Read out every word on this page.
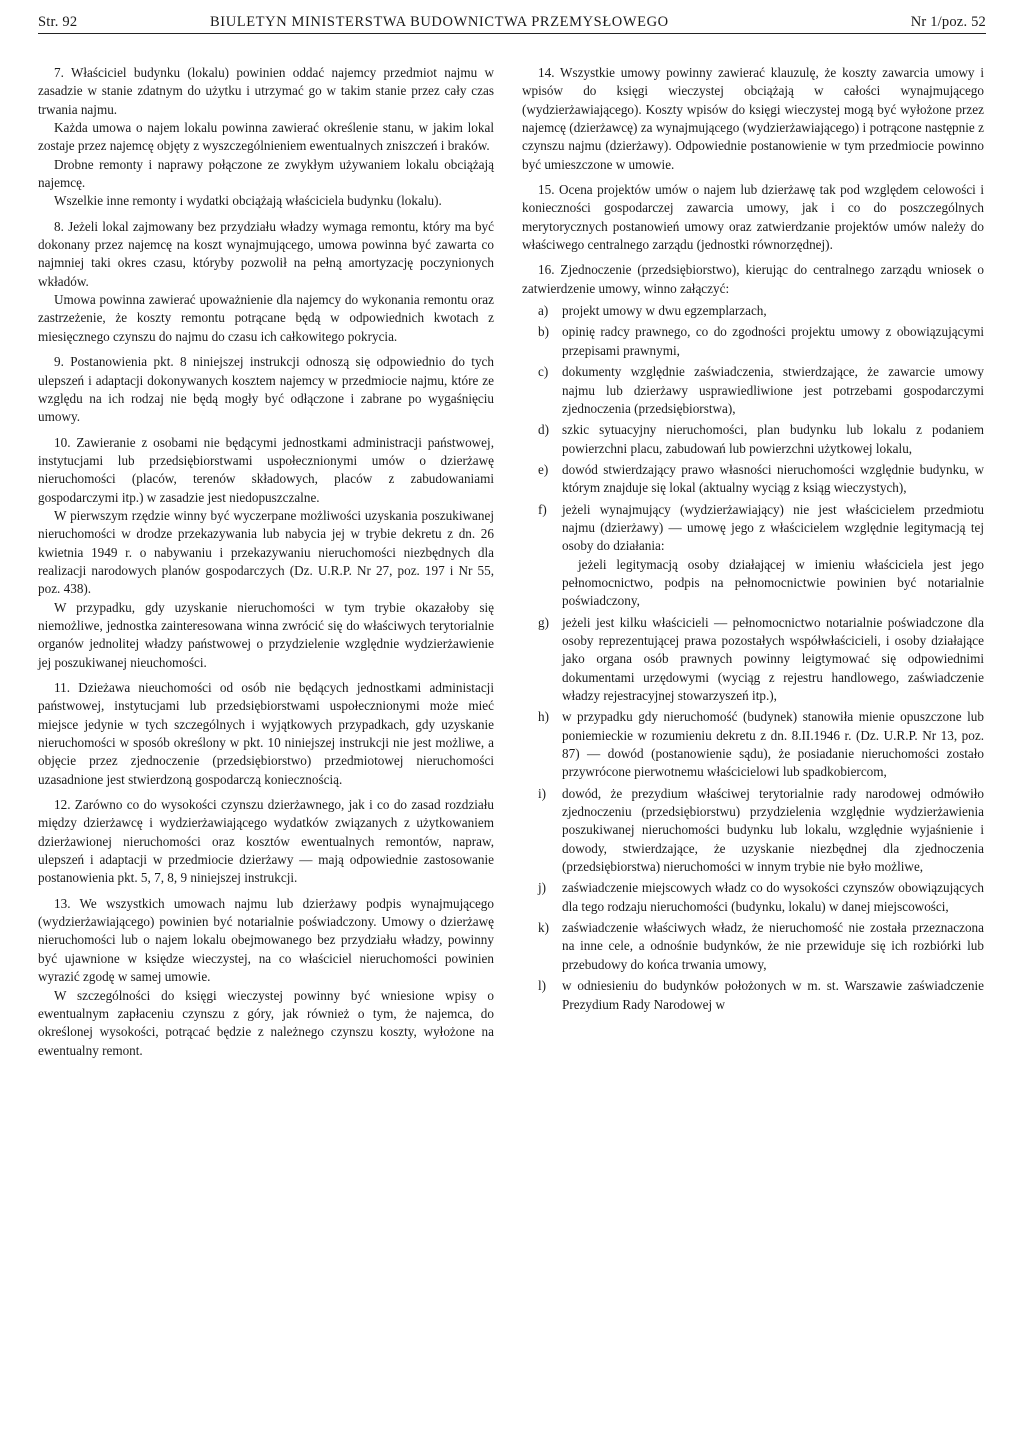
Str. 92	BIULETYN MINISTERSTWA BUDOWNICTWA PRZEMYSŁOWEGO	Nr 1/poz. 52

7. Właściciel budynku (lokalu) powinien oddać najemcy przedmiot najmu w zasadzie w stanie zdatnym do użytku i utrzymać go w takim stanie przez cały czas trwania najmu.

Każda umowa o najem lokalu powinna zawierać określenie stanu, w jakim lokal zostaje przez najemcę objęty z wyszczególnieniem ewentualnych zniszczeń i braków.

Drobne remonty i naprawy połączone ze zwykłym używaniem lokalu obciążają najemcę.

Wszelkie inne remonty i wydatki obciążają właściciela budynku (lokalu).

8. Jeżeli lokal zajmowany bez przydziału władzy wymaga remontu, który ma być dokonany przez najemcę na koszt wynajmującego, umowa powinna być zawarta co najmniej taki okres czasu, któryby pozwolił na pełną amortyzację poczynionych wkładów.

Umowa powinna zawierać upoważnienie dla najemcy do wykonania remontu oraz zastrzeżenie, że koszty remontu potrącane będą w odpowiednich kwotach z miesięcznego czynszu do najmu do czasu ich całkowitego pokrycia.

9. Postanowienia pkt. 8 niniejszej instrukcji odnoszą się odpowiednio do tych ulepszeń i adaptacji dokonywanych kosztem najemcy w przedmiocie najmu, które ze względu na ich rodzaj nie będą mogły być odłączone i zabrane po wygaśnięciu umowy.

10. Zawieranie z osobami nie będącymi jednostkami administracji państwowej, instytucjami lub przedsiębiorstwami uspołecznionymi umów o dzierżawę nieruchomości (placów, terenów składowych, placów z zabudowaniami gospodarczymi itp.) w zasadzie jest niedopuszczalne.

W pierwszym rzędzie winny być wyczerpane możliwości uzyskania poszukiwanej nieruchomości w drodze przekazywania lub nabycia jej w trybie dekretu z dn. 26 kwietnia 1949 r. o nabywaniu i przekazywaniu nieruchomości niezbędnych dla realizacji narodowych planów gospodarczych (Dz. U.R.P. Nr 27, poz. 197 i Nr 55, poz. 438).

W przypadku, gdy uzyskanie nieruchomości w tym trybie okazałoby się niemożliwe, jednostka zainteresowana winna zwrócić się do właściwych terytorialnie organów jednolitej władzy państwowej o przydzielenie względnie wydzierżawienie jej poszukiwanej nieuchomości.

11. Dzieżawa nieuchomości od osób nie będących jednostkami administacji państwowej, instytucjami lub przedsiębiorstwami uspołecznionymi może mieć miejsce jedynie w tych szczególnych i wyjątkowych przypadkach, gdy uzyskanie nieruchomości w sposób określony w pkt. 10 niniejszej instrukcji nie jest możliwe, a objęcie przez zjednoczenie (przedsiębiorstwo) przedmiotowej nieruchomości uzasadnione jest stwierdzoną gospodarczą koniecznością.

12. Zarówno co do wysokości czynszu dzierżawnego, jak i co do zasad rozdziału między dzierżawcę i wydzierżawiającego wydatków związanych z użytkowaniem dzierżawionej nieruchomości oraz kosztów ewentualnych remontów, napraw, ulepszeń i adaptacji w przedmiocie dzierżawy — mają odpowiednie zastosowanie postanowienia pkt. 5, 7, 8, 9 niniejszej instrukcji.

13. We wszystkich umowach najmu lub dzierżawy podpis wynajmującego (wydzierżawiającego) powinien być notarialnie poświadczony. Umowy o dzierżawę nieruchomości lub o najem lokalu obejmowanego bez przydziału władzy, powinny być ujawnione w księdze wieczystej, na co właściciel nieruchomości powinien wyrazić zgodę w samej umowie.

W szczególności do księgi wieczystej powinny być wniesione wpisy o ewentualnym zapłaceniu czynszu z góry, jak również o tym, że najemca, do określonej wysokości, potrącać będzie z należnego czynszu koszty, wyłożone na ewentualny remont.

14. Wszystkie umowy powinny zawierać klauzulę, że koszty zawarcia umowy i wpisów do księgi wieczystej obciążają w całości wynajmującego (wydzierżawiającego). Koszty wpisów do księgi wieczystej mogą być wyłożone przez najemcę (dzierżawcę) za wynajmującego (wydzierżawiającego) i potrącone następnie z czynszu najmu (dzierżawy). Odpowiednie postanowienie w tym przedmiocie powinno być umieszczone w umowie.

15. Ocena projektów umów o najem lub dzierżawę tak pod względem celowości i konieczności gospodarczej zawarcia umowy, jak i co do poszczególnych merytorycznych postanowień umowy oraz zatwierdzanie projektów umów należy do właściwego centralnego zarządu (jednostki równorzędnej).

16. Zjednoczenie (przedsiębiorstwo), kierując do centralnego zarządu wniosek o zatwierdzenie umowy, winno załączyć:

a) projekt umowy w dwu egzemplarzach,
b) opinię radcy prawnego, co do zgodności projektu umowy z obowiązującymi przepisami prawnymi,
c) dokumenty względnie zaświadczenia, stwierdzające, że zawarcie umowy najmu lub dzierżawy usprawiedliwione jest potrzebami gospodarczymi zjednoczenia (przedsiębiorstwa),
d) szkic sytuacyjny nieruchomości, plan budynku lub lokalu z podaniem powierzchni placu, zabudowań lub powierzchni użytkowej lokalu,
e) dowód stwierdzający prawo własności nieruchomości względnie budynku, w którym znajduje się lokal (aktualny wyciąg z ksiąg wieczystych),
f) jeżeli wynajmujący (wydzierżawiający) nie jest właścicielem przedmiotu najmu (dzierżawy) — umowę jego z właścicielem względnie legitymacją tej osoby do działania:
jeżeli legitymacją osoby działającej w imieniu właściciela jest jego pełnomocnictwo, podpis na pełnomocnictwie powinien być notarialnie poświadczony,
g) jeżeli jest kilku właścicieli — pełnomocnictwo notarialnie poświadczone dla osoby reprezentującej prawa pozostałych współwłaścicieli, i osoby działające jako organa osób prawnych powinny leigtymować się odpowiednimi dokumentami urzędowymi (wyciąg z rejestru handlowego, zaświadczenie władzy rejestracyjnej stowarzyszeń itp.),
h) w przypadku gdy nieruchomość (budynek) stanowiła mienie opuszczone lub poniemieckie w rozumieniu dekretu z dn. 8.II.1946 r. (Dz. U.R.P. Nr 13, poz. 87) — dowód (postanowienie sądu), że posiadanie nieruchomości zostało przywrócone pierwotnemu właścicielowi lub spadkobiercom,
i) dowód, że prezydium właściwej terytorialnie rady narodowej odmówiło zjednoczeniu (przedsiębiorstwu) przydzielenia względnie wydzierżawienia poszukiwanej nieruchomości budynku lub lokalu, względnie wyjaśnienie i dowody, stwierdzające, że uzyskanie niezbędnej dla zjednoczenia (przedsiębiorstwa) nieruchomości w innym trybie nie było możliwe,
j) zaświadczenie miejscowych władz co do wysokości czynszów obowiązujących dla tego rodzaju nieruchomości (budynku, lokalu) w danej miejscowości,
k) zaświadczenie właściwych władz, że nieruchomość nie została przeznaczona na inne cele, a odnośnie budynków, że nie przewiduje się ich rozbiórki lub przebudowy do końca trwania umowy,
l) w odniesieniu do budynków położonych w m. st. Warszawie zaświadczenie Prezydium Rady Narodowej w
